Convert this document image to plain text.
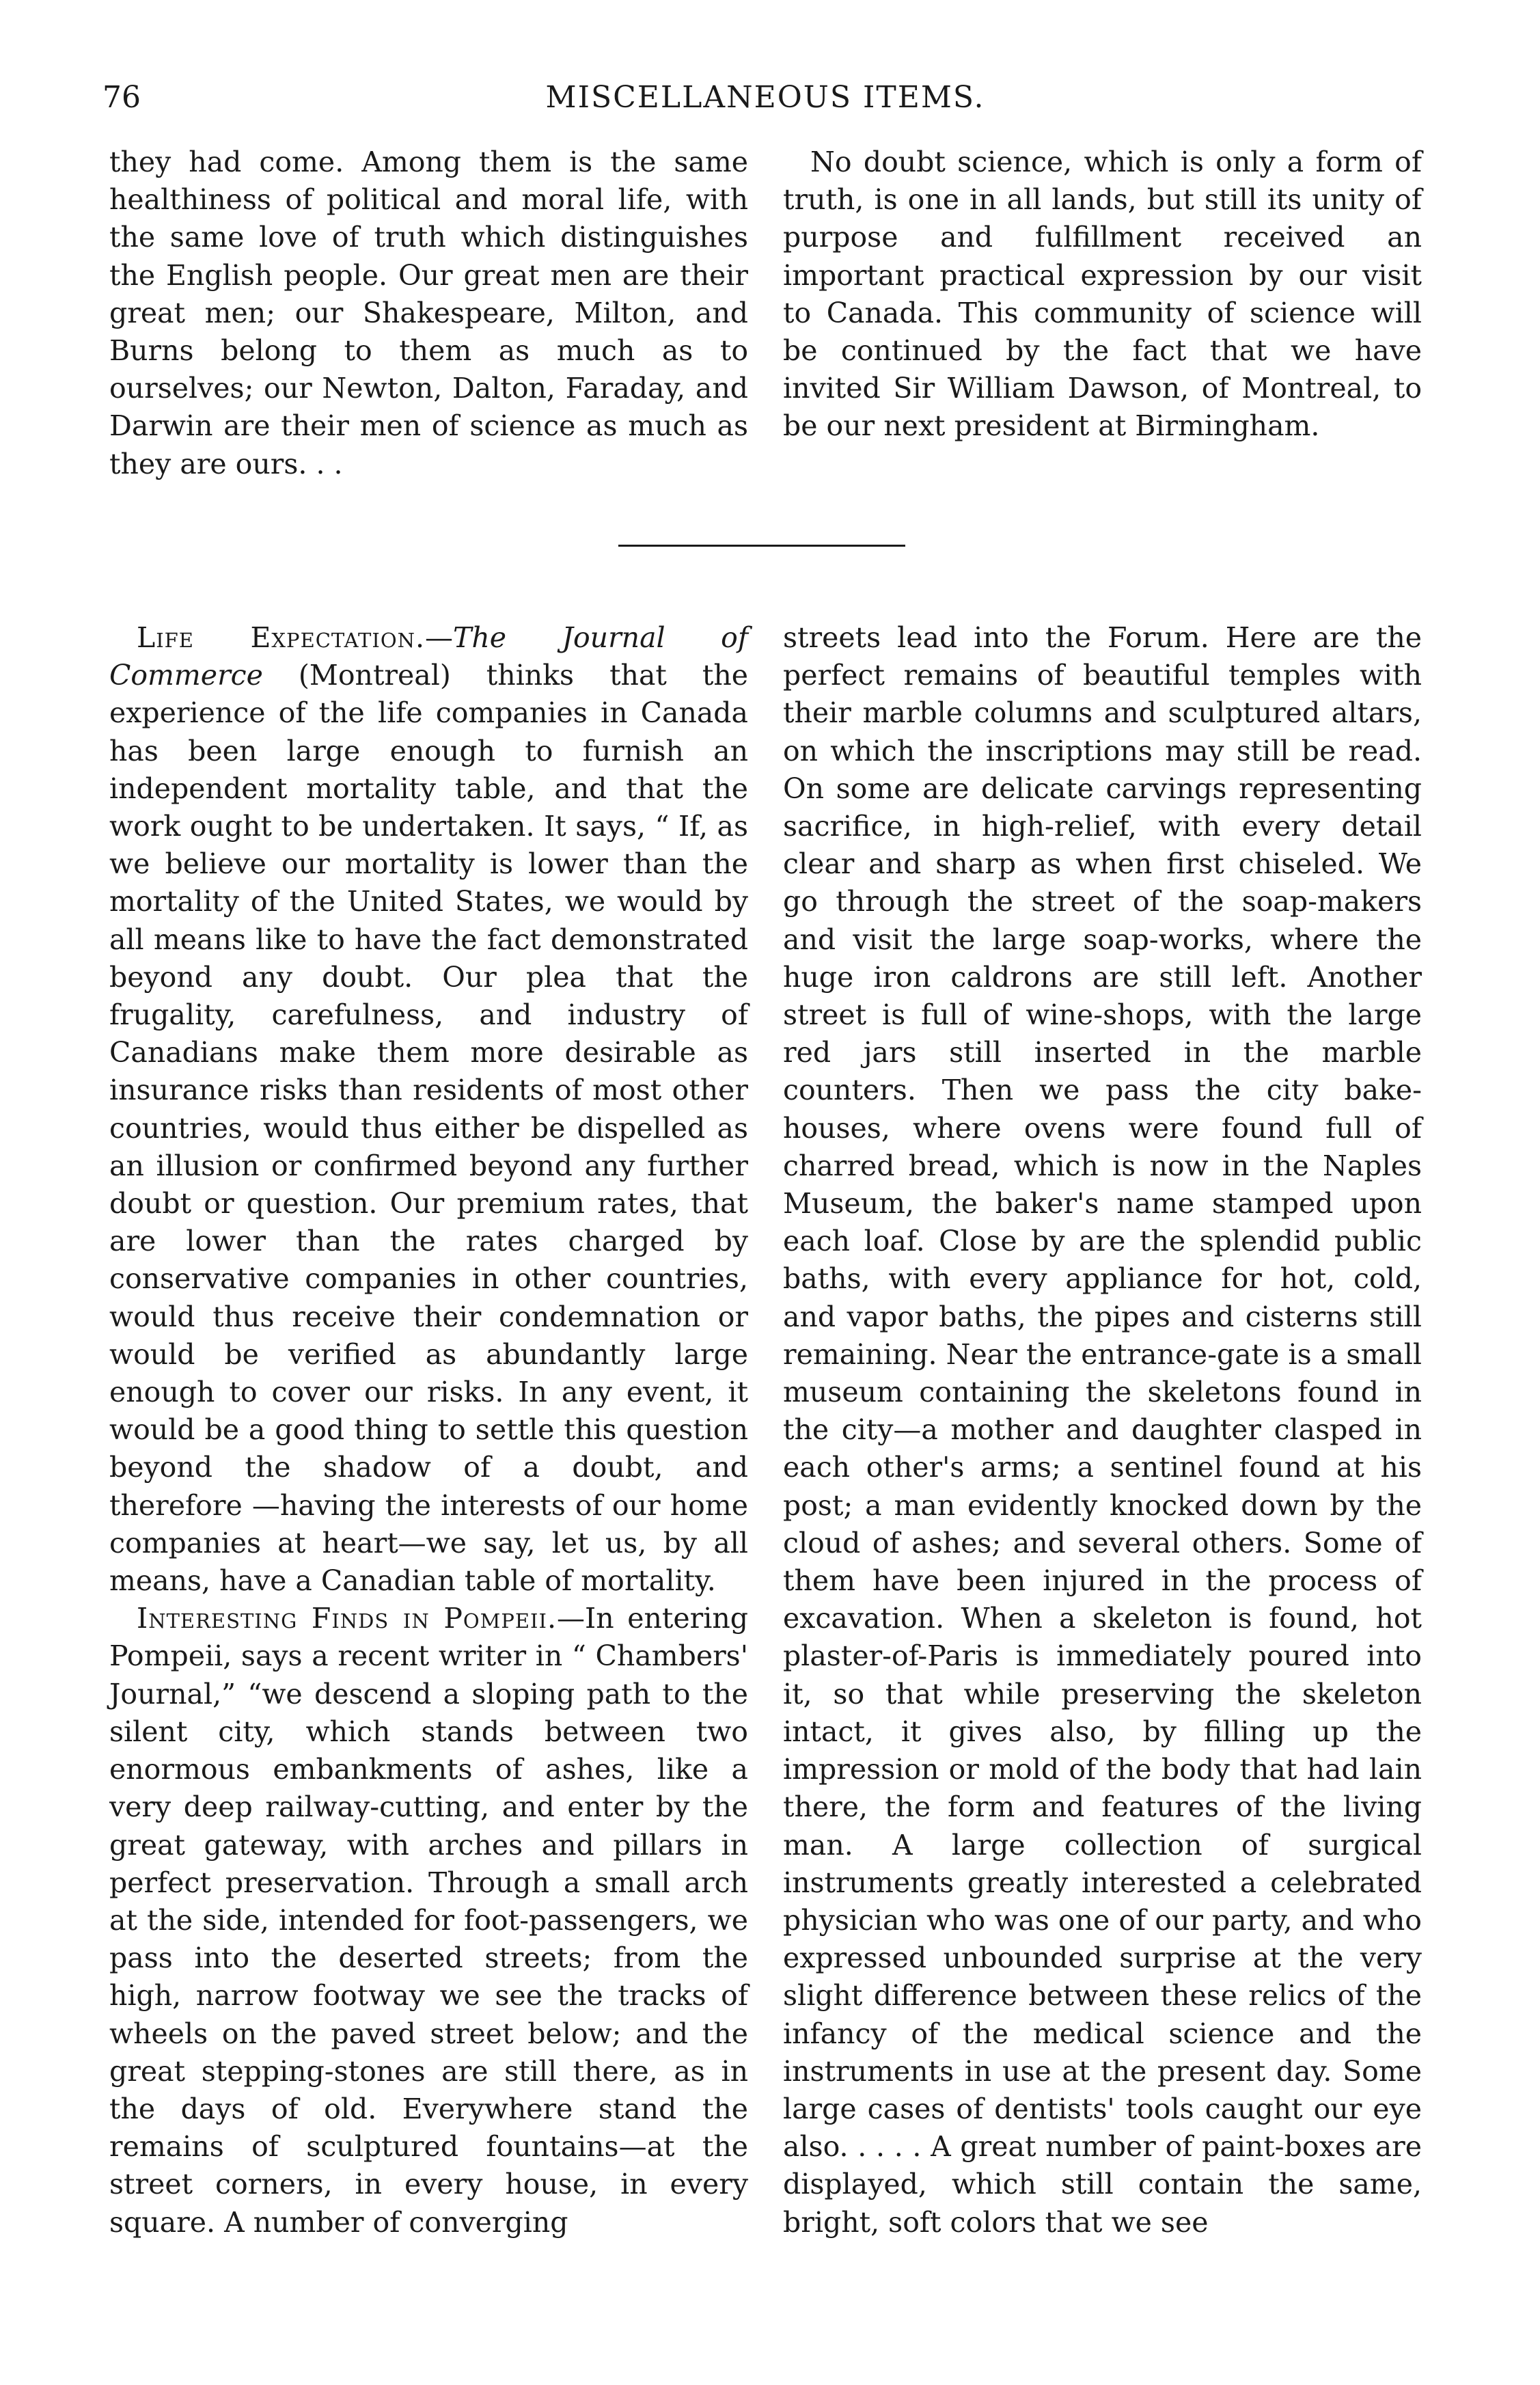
76	MISCELLANEOUS ITEMS.

they had come. Among them is the same healthiness of political and moral life, with the same love of truth which distinguishes the English people. Our great men are their great men; our Shakespeare, Milton, and Burns belong to them as much as to ourselves; our Newton, Dalton, Faraday, and Darwin are their men of science as much as they are ours. . .

No doubt science, which is only a form of truth, is one in all lands, but still its unity of purpose and fulfillment received an important practical expression by our visit to Canada. This community of science will be continued by the fact that we have invited Sir William Dawson, of Montreal, to be our next president at Birmingham.

Life Expectation.—The Journal of Commerce (Montreal) thinks that the experience of the life companies in Canada has been large enough to furnish an independent mortality table, and that the work ought to be undertaken. It says, “ If, as we believe our mortality is lower than the mortality of the United States, we would by all means like to have the fact demonstrated beyond any doubt. Our plea that the frugality, carefulness, and industry of Canadians make them more desirable as insurance risks than residents of most other countries, would thus either be dispelled as an illusion or confirmed beyond any further doubt or question. Our premium rates, that are lower than the rates charged by conservative companies in other countries, would thus receive their condemnation or would be verified as abundantly large enough to cover our risks. In any event, it would be a good thing to settle this question beyond the shadow of a doubt, and therefore —having the interests of our home companies at heart—we say, let us, by all means, have a Canadian table of mortality.

Interesting Finds in Pompeii.—In entering Pompeii, says a recent writer in “ Chambers' Journal,” “we descend a sloping path to the silent city, which stands between two enormous embankments of ashes, like a very deep railway-cutting, and enter by the great gateway, with arches and pillars in perfect preservation. Through a small arch at the side, intended for foot-passengers, we pass into the deserted streets; from the high, narrow footway we see the tracks of wheels on the paved street below; and the great stepping-stones are still there, as in the days of old. Everywhere stand the remains of sculptured fountains—at the street corners, in every house, in every square. A number of converging

streets lead into the Forum. Here are the perfect remains of beautiful temples with their marble columns and sculptured altars, on which the inscriptions may still be read. On some are delicate carvings representing sacrifice, in high-relief, with every detail clear and sharp as when first chiseled. We go through the street of the soap-makers and visit the large soap-works, where the huge iron caldrons are still left. Another street is full of wine-shops, with the large red jars still inserted in the marble counters. Then we pass the city bake-houses, where ovens were found full of charred bread, which is now in the Naples Museum, the baker's name stamped upon each loaf. Close by are the splendid public baths, with every appliance for hot, cold, and vapor baths, the pipes and cisterns still remaining. Near the entrance-gate is a small museum containing the skeletons found in the city—a mother and daughter clasped in each other's arms; a sentinel found at his post; a man evidently knocked down by the cloud of ashes; and several others. Some of them have been injured in the process of excavation. When a skeleton is found, hot plaster-of-Paris is immediately poured into it, so that while preserving the skeleton intact, it gives also, by filling up the impression or mold of the body that had lain there, the form and features of the living man. A large collection of surgical instruments greatly interested a celebrated physician who was one of our party, and who expressed unbounded surprise at the very slight difference between these relics of the infancy of the medical science and the instruments in use at the present day. Some large cases of dentists' tools caught our eye also. . . . . A great number of paint-boxes are displayed, which still contain the same, bright, soft colors that we see
